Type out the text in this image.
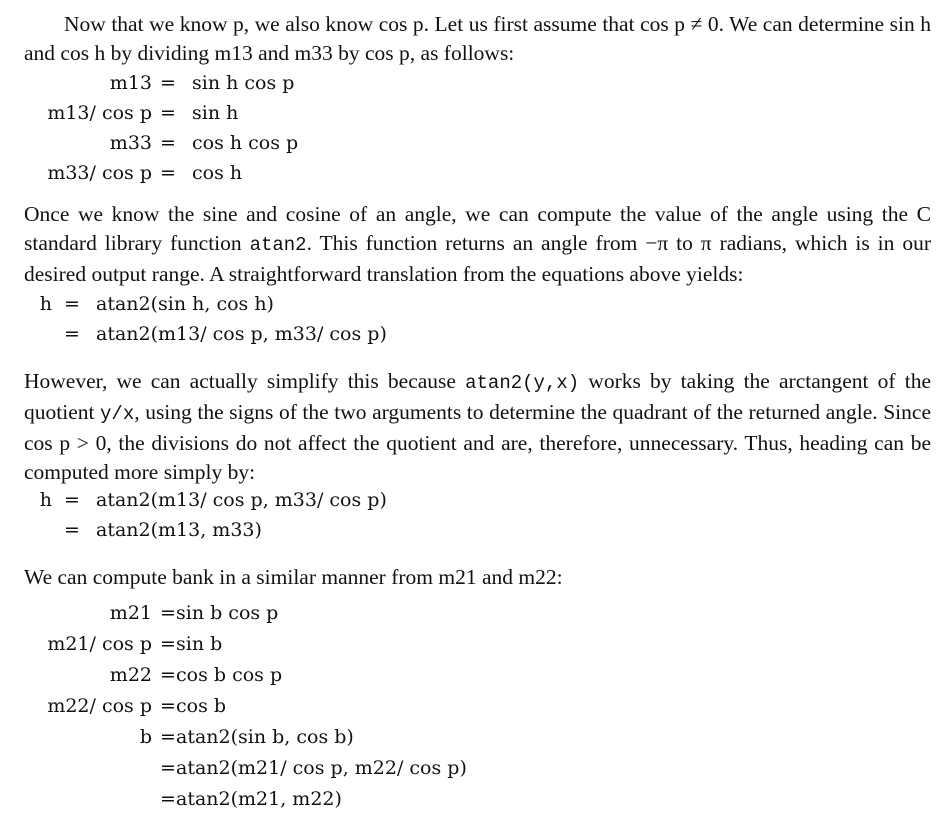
Now that we know p, we also know cos p. Let us first assume that cos p ≠ 0. We can determine sin h and cos h by dividing m13 and m33 by cos p, as follows:

m13 = sin h cos p
m13/ cos p = sin h
m33 = cos h cos p
m33/ cos p = cos h

Once we know the sine and cosine of an angle, we can compute the value of the angle using the C standard library function atan2. This function returns an angle from −π to π radians, which is in our desired output range. A straightforward translation from the equations above yields:

h = atan2(sin h, cos h)
= atan2(m13/ cos p, m33/ cos p)

However, we can actually simplify this because atan2(y,x) works by taking the arctangent of the quotient y/x, using the signs of the two arguments to determine the quadrant of the returned angle. Since cos p > 0, the divisions do not affect the quotient and are, therefore, unnecessary. Thus, heading can be computed more simply by:

h = atan2(m13/ cos p, m33/ cos p)
= atan2(m13, m33)

We can compute bank in a similar manner from m21 and m22:

m21 = sin b cos p
m21/ cos p = sin b
m22 = cos b cos p
m22/ cos p = cos b
b = atan2(sin b, cos b)
= atan2(m21/ cos p, m22/ cos p)
= atan2(m21, m22)
